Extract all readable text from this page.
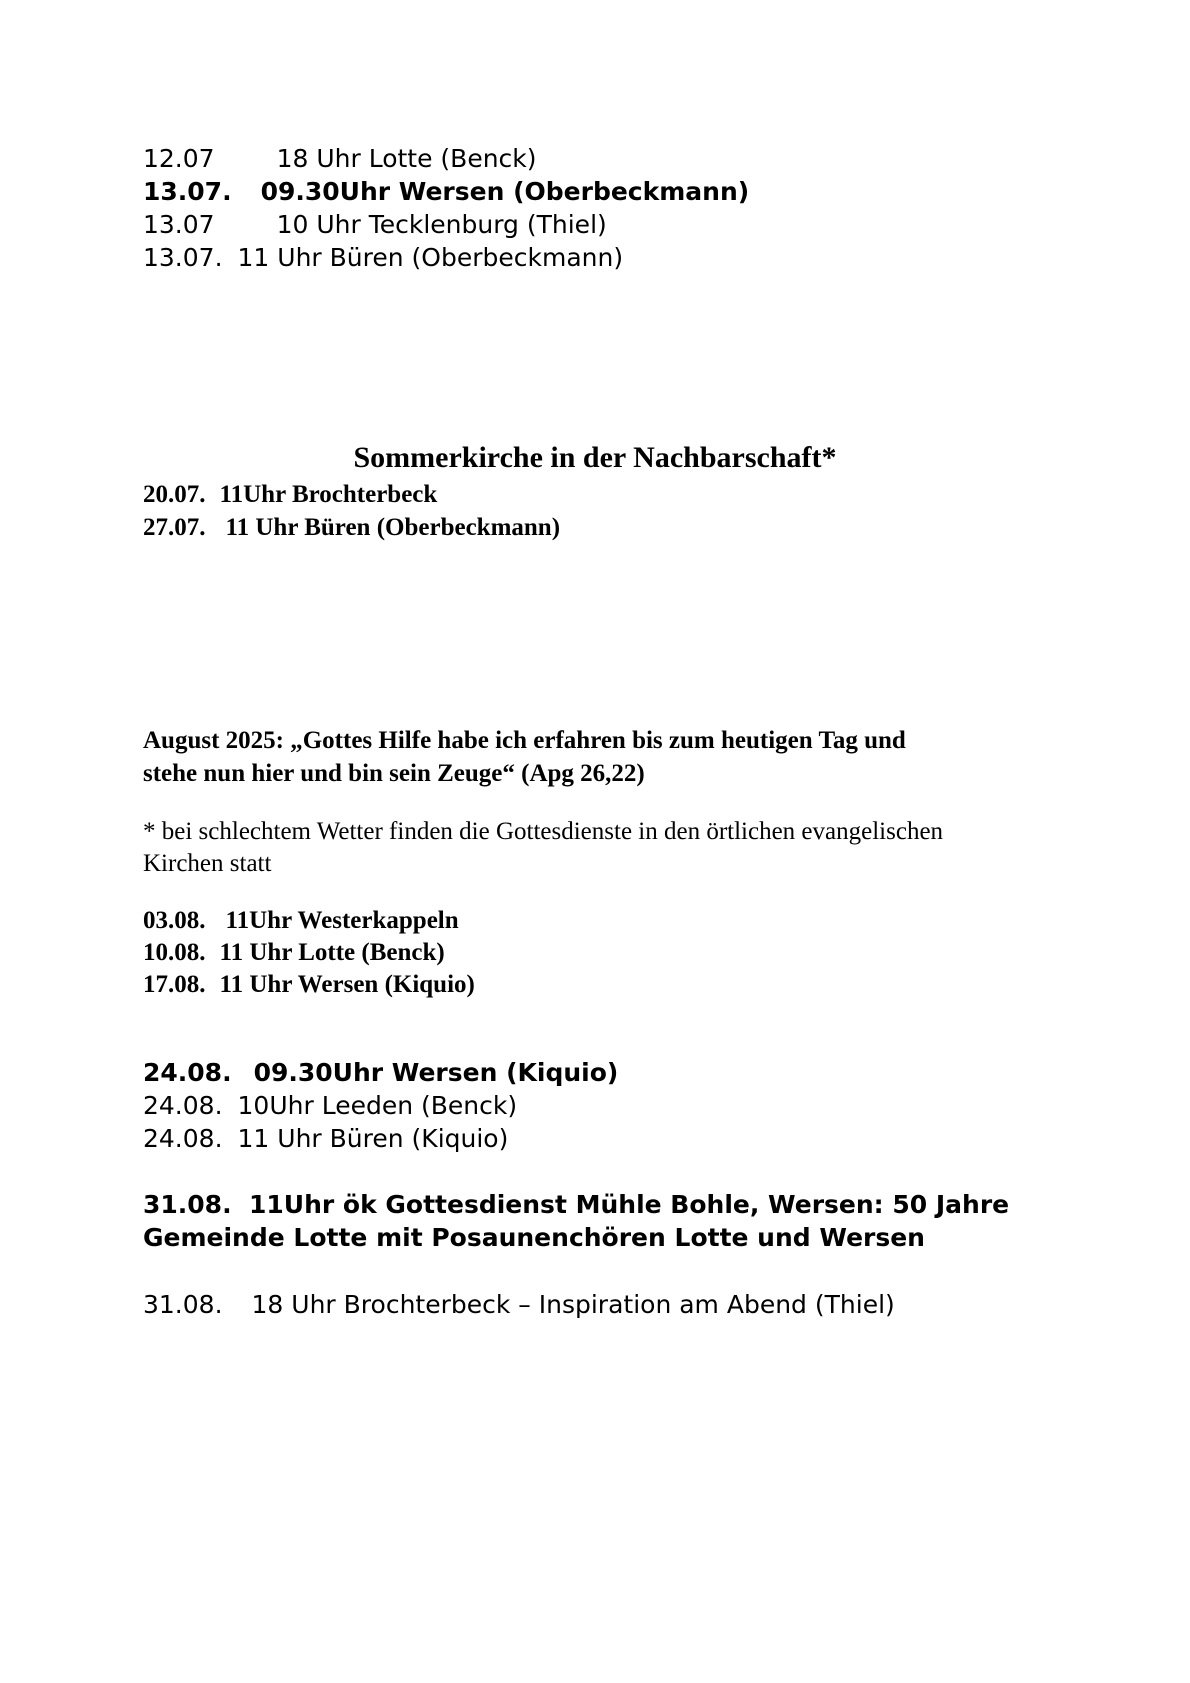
12.07 18 Uhr Lotte (Benck)
13.07. 09.30Uhr Wersen (Oberbeckmann)
13.07 10 Uhr Tecklenburg (Thiel)
13.07. 11 Uhr Büren (Oberbeckmann)
Sommerkirche in der Nachbarschaft*
20.07. 11Uhr Brochterbeck
27.07. 11 Uhr Büren (Oberbeckmann)
August 2025: „Gottes Hilfe habe ich erfahren bis zum heutigen Tag und
stehe nun hier und bin sein Zeuge“ (Apg 26,22)
* bei schlechtem Wetter finden die Gottesdienste in den örtlichen evangelischen
Kirchen statt
03.08. 11Uhr Westerkappeln
10.08. 11 Uhr Lotte (Benck)
17.08. 11 Uhr Wersen (Kiquio)
24.08. 09.30Uhr Wersen (Kiquio)
24.08. 10Uhr Leeden (Benck)
24.08. 11 Uhr Büren (Kiquio)
31.08.  11Uhr ök Gottesdienst Mühle Bohle, Wersen: 50 Jahre
Gemeinde Lotte mit Posaunenchören Lotte und Wersen
31.08. 18 Uhr Brochterbeck – Inspiration am Abend (Thiel)
